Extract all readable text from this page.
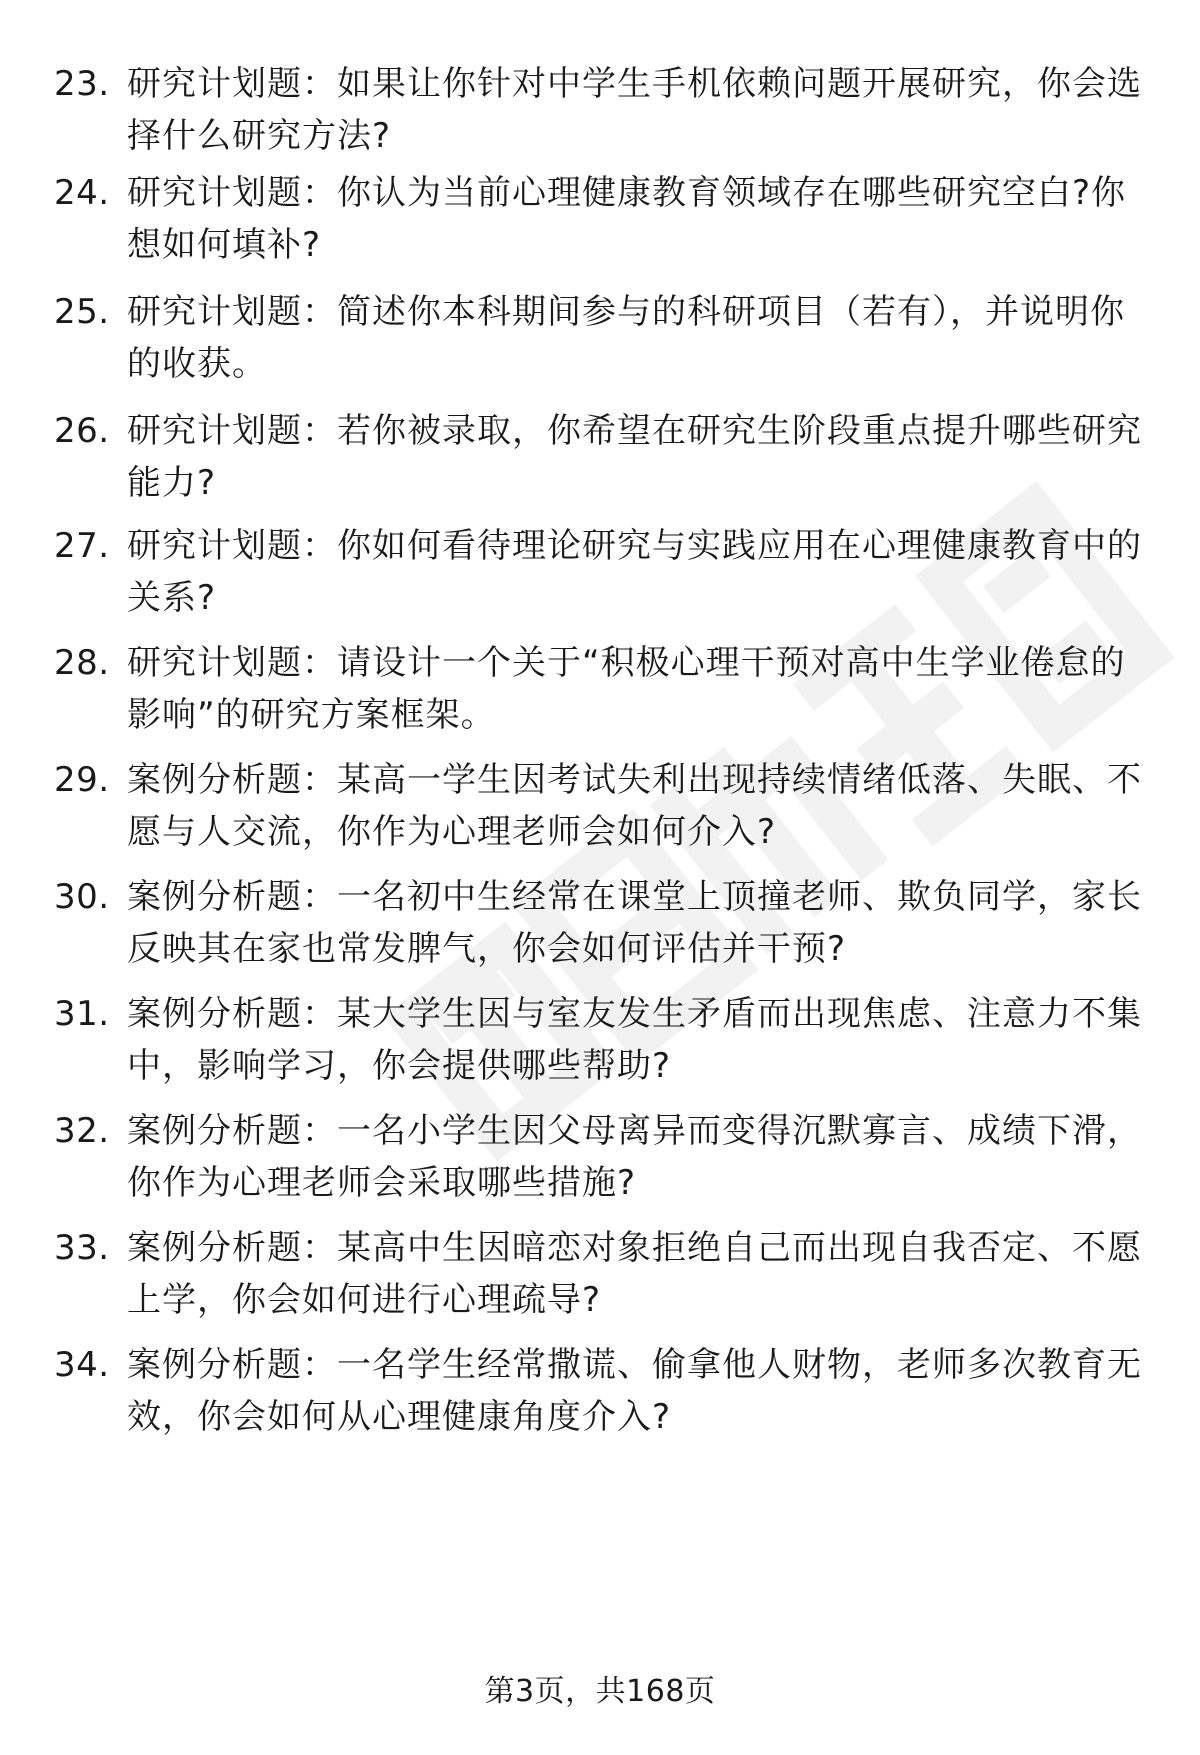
23. 研究计划题：如果让你针对中学生手机依赖问题开展研究，你会选择什么研究方法?
24. 研究计划题：你认为当前心理健康教育领域存在哪些研究空白?你想如何填补?
25. 研究计划题：简述你本科期间参与的科研项目（若有），并说明你的收获。
26. 研究计划题：若你被录取，你希望在研究生阶段重点提升哪些研究能力?
27. 研究计划题：你如何看待理论研究与实践应用在心理健康教育中的关系?
28. 研究计划题：请设计一个关于“积极心理干预对高中生学业倦怠的影响”的研究方案框架。
29. 案例分析题：某高一学生因考试失利出现持续情绪低落、失眠、不愿与人交流，你作为心理老师会如何介入?
30. 案例分析题：一名初中生经常在课堂上顶撞老师、欺负同学，家长反映其在家也常发脾气，你会如何评估并干预?
31. 案例分析题：某大学生因与室友发生矛盾而出现焦虑、注意力不集中，影响学习，你会提供哪些帮助?
32. 案例分析题：一名小学生因父母离异而变得沉默寡言、成绩下滑，你作为心理老师会采取哪些措施?
33. 案例分析题：某高中生因暗恋对象拒绝自己而出现自我否定、不愿上学，你会如何进行心理疏导?
34. 案例分析题：一名学生经常撒谎、偷拿他人财物，老师多次教育无效，你会如何从心理健康角度介入?
第3页，共168页
